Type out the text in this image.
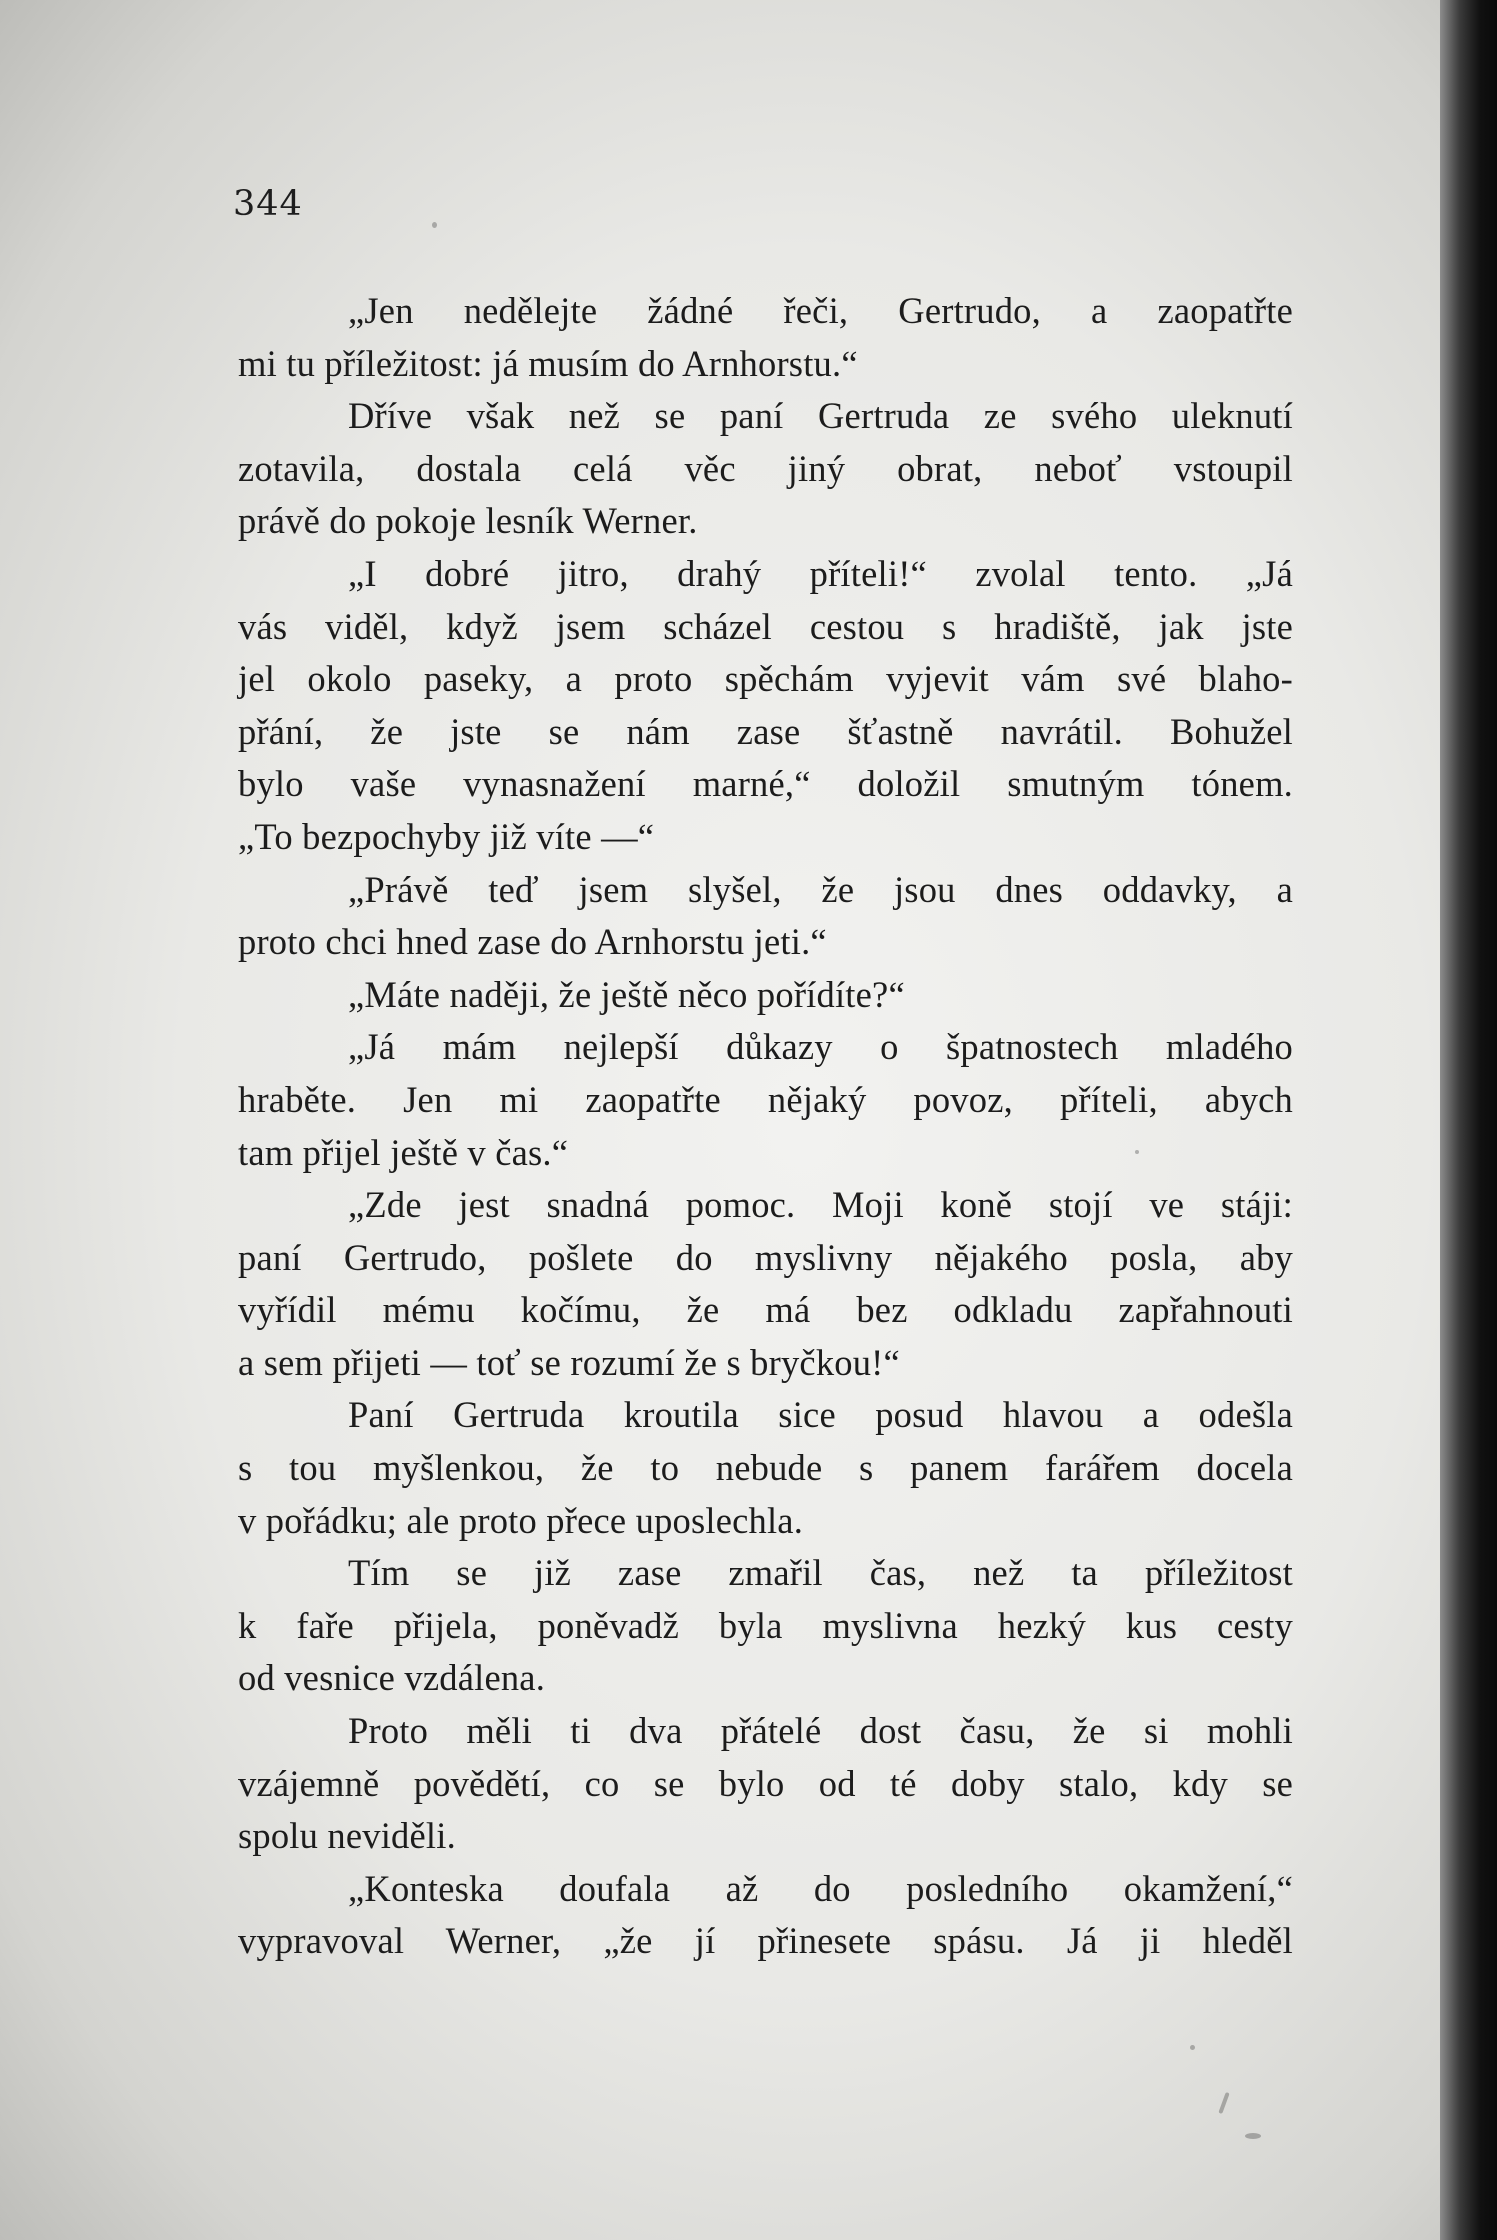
344
„Jen nedělejte žádné řeči, Gertrudo, a zaopatřte
mi tu příležitost: já musím do Arnhorstu.“
Dříve však než se paní Gertruda ze svého uleknutí
zotavila, dostala celá věc jiný obrat, neboť vstoupil
právě do pokoje lesník Werner.
„I dobré jitro, drahý příteli!“ zvolal tento. „Já
vás viděl, když jsem scházel cestou s hradiště, jak jste
jel okolo paseky, a proto spěchám vyjevit vám své blaho-
přání, že jste se nám zase šťastně navrátil. Bohužel
bylo vaše vynasnažení marné,“ doložil smutným tónem.
„To bezpochyby již víte —“
„Právě teď jsem slyšel, že jsou dnes oddavky, a
proto chci hned zase do Arnhorstu jeti.“
„Máte naději, že ještě něco pořídíte?“
„Já mám nejlepší důkazy o špatnostech mladého
hraběte. Jen mi zaopatřte nějaký povoz, příteli, abych
tam přijel ještě v čas.“
„Zde jest snadná pomoc. Moji koně stojí ve stáji:
paní Gertrudo, pošlete do myslivny nějakého posla, aby
vyřídil mému kočímu, že má bez odkladu zapřahnouti
a sem přijeti — toť se rozumí že s bryčkou!“
Paní Gertruda kroutila sice posud hlavou a odešla
s tou myšlenkou, že to nebude s panem farářem docela
v pořádku; ale proto přece uposlechla.
Tím se již zase zmařil čas, než ta příležitost
k faře přijela, poněvadž byla myslivna hezký kus cesty
od vesnice vzdálena.
Proto měli ti dva přátelé dost času, že si mohli
vzájemně povědětí, co se bylo od té doby stalo, kdy se
spolu neviděli.
„Konteska doufala až do posledního okamžení,“
vypravoval Werner, „že jí přinesete spásu. Já ji hleděl
